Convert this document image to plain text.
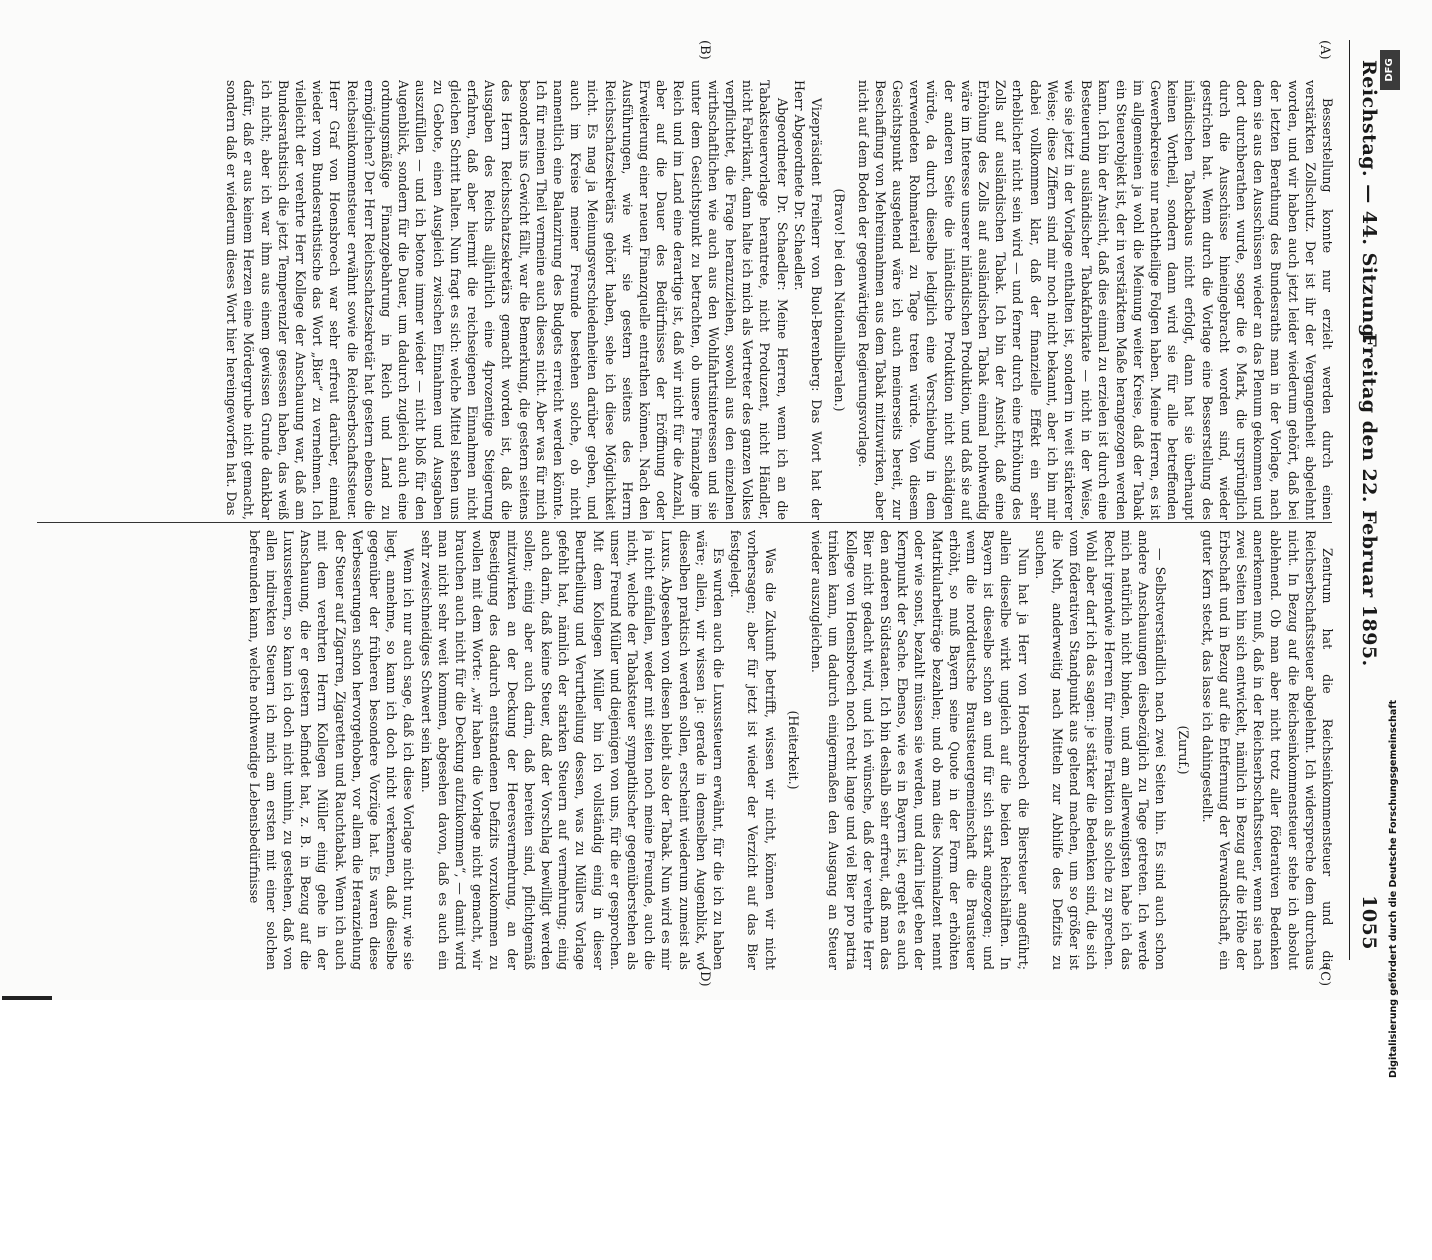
Reichstag. — 44. Sitzung.
Freitag den 22. Februar 1895.
1055
(A)
(B)
(C)
(D)

Besserstellung konnte nur erzielt werden durch einen verstärkten Zollschutz. Der ist ihr der Vergangenheit abgelehnt worden, und wir haben auch jetzt leider wiederum gehört, daß bei der letzten Berathung des Bundesraths man in der Vorlage, nach dem sie aus den Ausschüssen wieder an das Plenum gekommen und dort durchberathen wurde, sogar die 6 Mark, die ursprünglich durch die Ausschüsse hineingebracht worden sind, wieder gestrichen hat. Wenn durch die Vorlage eine Besserstellung des inländischen Tabackbaus nicht erfolgt, dann hat sie überhaupt keinen Vortheil, sondern dann wird sie für alle betreffenden Gewerbekreise nur nachtheilige Folgen haben. Meine Herren, es ist im allgemeinen ja wohl die Meinung weiter Kreise, daß der Tabak ein Steuerobjekt ist, der in verstärktem Maße herangezogen werden kann. Ich bin der Ansicht, daß dies einmal zu erzielen ist durch eine Besteuerung ausländischer Tabakfabrikate — nicht in der Weise, wie sie jetzt in der Vorlage enthalten ist, sondern in weit stärkerer Weise; diese Ziffern sind mir noch nicht bekannt, aber ich bin mir dabei vollkommen klar, daß der finanzielle Effekt ein sehr erheblicher nicht sein wird — und ferner durch eine Erhöhung des Zolls auf ausländischen Tabak. Ich bin der Ansicht, daß eine Erhöhung des Zolls auf ausländischen Tabak einmal nothwendig wäre im Interesse unserer inländischen Produktion, und daß sie auf der anderen Seite die inländische Produktion nicht schädigen würde, da durch dieselbe lediglich eine Verschiebung in dem verwendeten Rohmaterial zu Tage treten würde. Von diesem Gesichtspunkt ausgehend wäre ich auch meinerseits bereit, zur Beschaffung von Mehreinnahmen aus dem Tabak mitzuwirken, aber nicht auf dem Boden der gegenwärtigen Regierungsvorlage.

(Bravo! bei den Nationalliberalen.)

Vizepräsident Freiherr von Buol-Berenberg: Das Wort hat der Herr Abgeordnete Dr. Schaedler.

Abgeordneter Dr. Schaedler: Meine Herren, wenn ich an die Tabaksteuervorlage herantrete, nicht Produzent, nicht Händler, nicht Fabrikant, dann halte ich mich als Vertreter des ganzen Volkes verpflichtet, die Frage heranzuziehen, sowohl aus den einzelnen wirthschaftlichen wie auch aus den Wohlfahrtsinteressen und sie unter dem Gesichtspunkt zu betrachten, ob unsere Finanzlage im Reich und im Land eine derartige ist, daß wir nicht für die Anzahl, aber auf die Dauer des Bedürfnisses der Eröffnung oder Erweiterung einer neuen Finanzquelle entrathen können. Nach den Ausführungen, wie wir sie gestern seitens des Herrn Reichsschatzsekretärs gehört haben, sehe ich diese Möglichkeit nicht. Es mag ja Meinungsverschiedenheiten darüber geben, und auch im Kreise meiner Freunde bestehen solche, ob nicht namentlich eine Balanzirung des Budgets erreicht werden könnte. Ich für meinen Theil vermeine auch dieses nicht. Aber was für mich besonders ins Gewicht fällt, war die Bemerkung, die gestern seitens des Herrn Reichsschatzsekretärs gemacht worden ist, daß die Ausgaben des Reichs alljährlich eine 4prozentige Steigerung erfahren, daß aber hiermit die reichseigenen Einnahmen nicht gleichen Schritt halten. Nun fragt es sich: welche Mittel stehen uns zu Gebote, einen Ausgleich zwischen Einnahmen und Ausgaben auszufüllen — und ich betone immer wieder — nicht bloß für den Augenblick, sondern für die Dauer, um dadurch zugleich auch eine ordnungsmäßige Finanzgebahrung in Reich und Land zu ermöglichen? Der Herr Reichsschatzsekretär hat gestern ebenso die Reichseinkommensteuer erwähnt sowie die Reichserbschaftssteuer. Herr Graf von Hoensbroech war sehr erfreut darüber, einmal wieder vom Bundesrathstische das Wort „Bier“ zu vernehmen. Ich vielleicht der verehrte Herr Kollege der Anschauung war, daß am Bundesrathstisch die jetzt Temperenzler gesessen haben, das weiß ich nicht; aber ich war ihm aus einem gewissen Grunde dankbar dafür, daß er aus keinem Herzen eine Mördergrube nicht gemacht, sondern daß er wiederum dieses Wort hier hereingeworfen hat. Das

Zentrum hat die Reichseinkommensteuer und die Reichserbschaftssteuer abgelehnt. Ich widerspreche dem durchaus nicht. In Bezug auf die Reichseinkommensteuer stehe ich absolut ablehnend. Ob man aber nicht trotz aller föderativen Bedenken anerkennen muß, daß in der Reichserbschaftssteuer, wenn sie nach zwei Seiten hin sich entwickelt, nämlich in Bezug auf die Höhe der Erbschaft und in Bezug auf die Entfernung der Verwandtschaft, ein guter Kern steckt, das lasse ich dahingestellt.

(Zuruf.)

— Selbstverständlich nach zwei Seiten hin. Es sind auch schon andere Anschauungen diesbezüglich zu Tage getreten. Ich werde mich natürlich nicht binden, und am allerwenigsten habe ich das Recht irgendwie Herren für meine Fraktion als solche zu sprechen. Wohl aber darf ich das sagen: je stärker die Bedenken sind, die sich vom föderativen Standpunkt aus geltend machen, um so größer ist die Noth, anderweitig nach Mitteln zur Abhilfe des Defizits zu suchen.

Nun hat ja Herr von Hoensbroech die Biersteuer angeführt; allein dieselbe wirkt ungleich auf die beiden Reichshälften. In Bayern ist dieselbe schon an und für sich stark angezogen; und wenn die norddeutsche Brausteuergemeinschaft die Brausteuer erhöht, so muß Bayern seine Quote in der Form der erhöhten Matrikularbeiträge bezahlen; und ob man dies Nominalzent nennt oder wie sonst, bezahlt müssen sie werden, und darin liegt eben der Kernpunkt der Sache. Ebenso, wie es in Bayern ist, ergeht es auch den anderen Südstaaten. Ich bin deshalb sehr erfreut, daß man das Bier nicht gedacht wird, und ich wünsche, daß der verehrte Herr Kollege von Hoensbroech noch recht lange und viel Bier pro patria trinken kann, um dadurch einigermaßen den Ausgang an Steuer wieder auszugleichen.

(Heiterkeit.)

Was die Zukunft betrifft, wissen wir nicht, können wir nicht vorhersagen; aber für jetzt ist wieder der Verzicht auf das Bier festgelegt.

Es wurden auch die Luxussteuern erwähnt, für die ich zu haben wäre; allein, wir wissen ja: gerade in demselben Augenblick, wo dieselben praktisch werden sollen, erscheint wiederum zumeist als Luxus. Abgesehen von diesen bleibt also der Tabak. Nun wird es mir ja nicht einfallen, weder mit seiten noch meine Freunde, auch die nicht, welche der Tabaksteuer sympathischer gegenüberstehen als unser Freund Müller und diejenigen von uns, für die er gesprochen. Mit dem Kollegen Müller bin ich vollständig einig in dieser Beurtheilung und Verurtheilung dessen, was zu Müllers Vorlage gefehlt hat, nämlich der starken Steuern auf vermehrung; einig auch darin, daß keine Steuer, daß der Vorschlag bewilligt werden sollen; einig aber auch darin, daß bereiten sind, pflichtgemäß mitzuwirken an der Deckung der Heeresvermehrung, an der Beseitigung des dadurch entstandenen Defizits vorzukommen zu wollen mit dem Worte: „wir haben die Vorlage nicht gemacht, wir brauchen auch nicht für die Deckung aufzukommen“, — damit wird man nicht sehr weit kommen, abgesehen davon, daß es auch ein sehr zweischneidiges Schwert sein kann.

Wenn ich nur auch sage, daß ich diese Vorlage nicht nur, wie sie liegt, annehme, so kann ich doch nicht verkennen, daß dieselbe gegenüber der früheren besondere Vorzüge hat. Es waren diese Verbesserungen schon hervorgehoben, vor allem die Heranziehung der Steuer auf Zigarren, Zigaretten und Rauchtabak. Wenn ich auch mit dem verehrten Herrn Kollegen Müller einig gehe in der Anschauung, die er gestern befindet hat, z. B. in Bezug auf die Luxussteuern, so kann ich doch nicht umhin, zu gestehen, daß von allen indirekten Steuern ich mich am ersten mit einer solchen befreunden kann, welche nothwendige Lebensbedürfnisse	Digitalisierung gefördert durch die Deutsche Forschungsgemeinschaft
DFG
